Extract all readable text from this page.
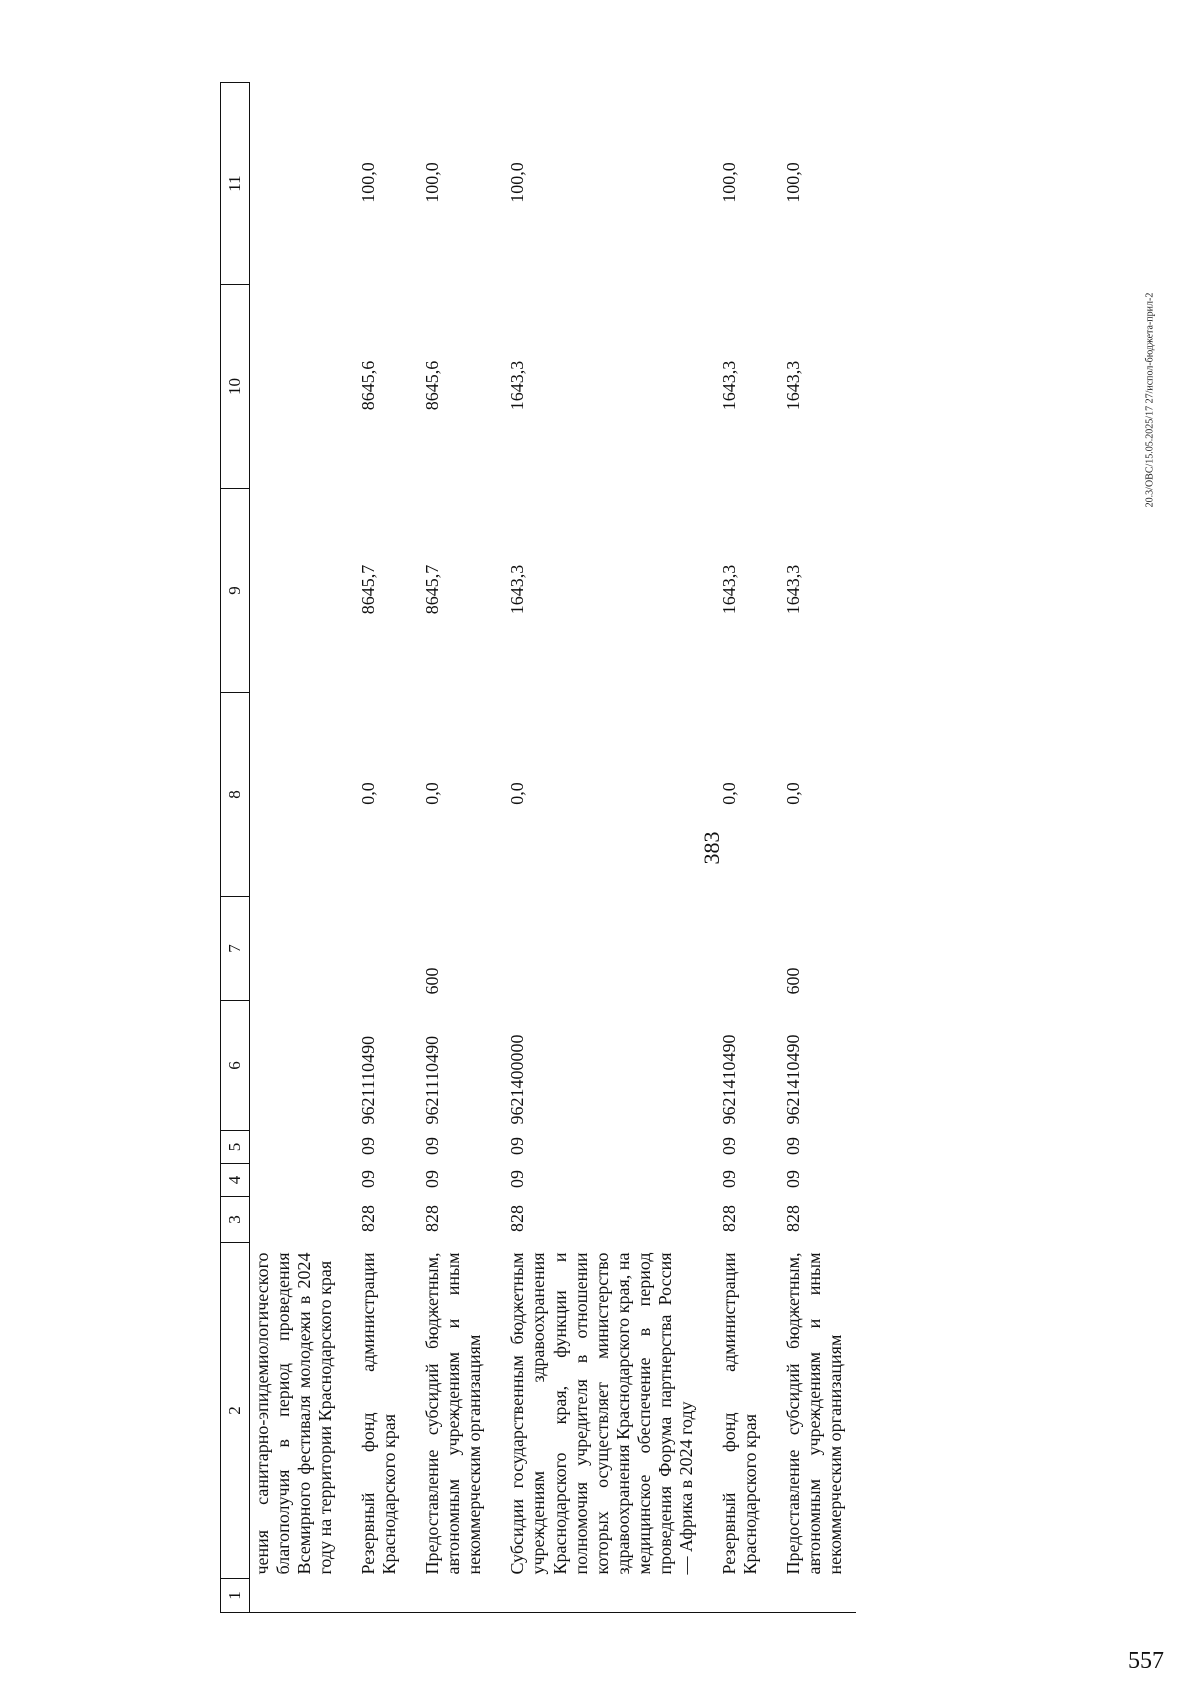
383
20.3/ОВС/15.05.2025/17 27/испол-бюджета-прил-2
557
1	2	3	4	5	6	7	8	9	10	11
	чения санитарно-эпидемиологического благополучия в период проведения Всемирного фестиваля молодежи в 2024 году на территории Краснодарского края									
	Резервный фонд администрации Краснодарского края	828	09	09	9621110490		0,0	8645,7	8645,6	100,0
	Предоставление субсидий бюджетным, автономным учреждениям и иным некоммерческим организациям	828	09	09	9621110490	600	0,0	8645,7	8645,6	100,0
	Субсидии государственным бюджетным учреждениям здравоохранения Краснодарского края, функции и полномочия учредителя в отношении которых осуществляет министерство здравоохранения Краснодарского края, на медицинское обеспечение в период проведения Форума партнерства Россия — Африка в 2024 году	828	09	09	9621400000		0,0	1643,3	1643,3	100,0
	Резервный фонд администрации Краснодарского края	828	09	09	9621410490		0,0	1643,3	1643,3	100,0
	Предоставление субсидий бюджетным, автономным учреждениям и иным некоммерческим организациям	828	09	09	9621410490	600	0,0	1643,3	1643,3	100,0
